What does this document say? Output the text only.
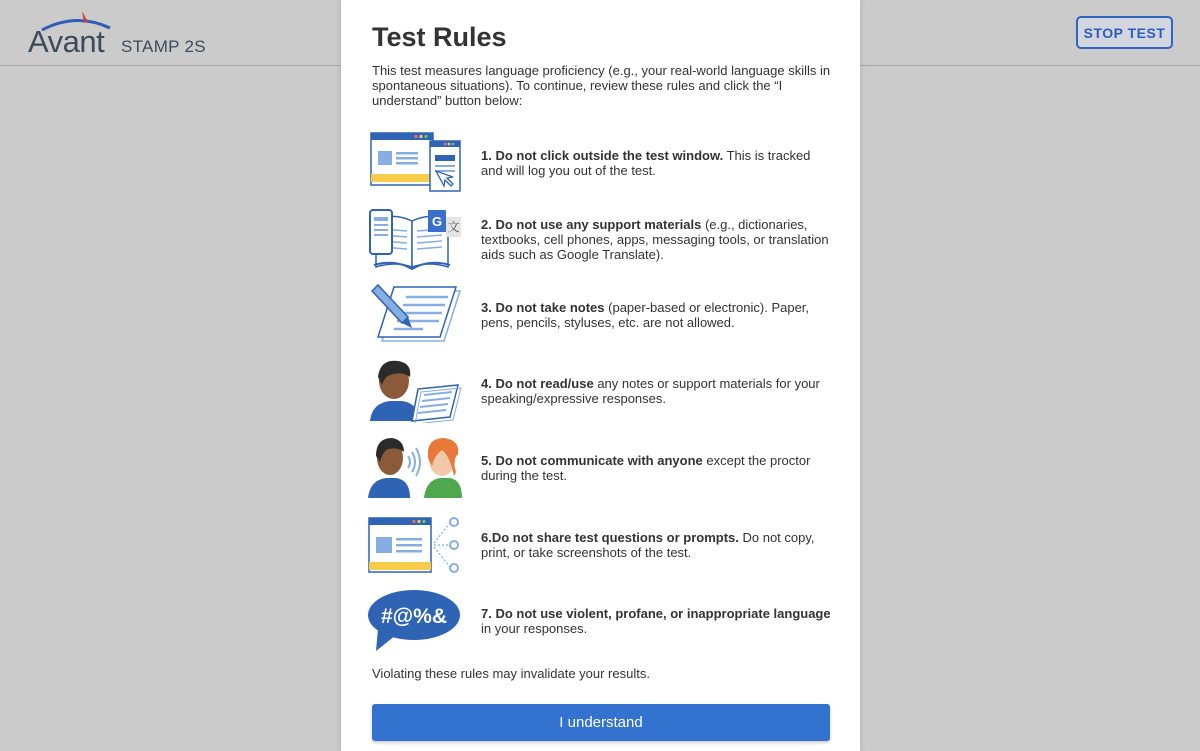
Avant STAMP 2S
STOP TEST
Test Rules
This test measures language proficiency (e.g., your real-world language skills in spontaneous situations). To continue, review these rules and click the “I understand” button below:
1. Do not click outside the test window. This is tracked and will log you out of the test.
G 文 2. Do not use any support materials (e.g., dictionaries, textbooks, cell phones, apps, messaging tools, or translation aids such as Google Translate).
3. Do not take notes (paper-based or electronic). Paper, pens, pencils, styluses, etc. are not allowed.
4. Do not read/use any notes or support materials for your speaking/expressive responses.
5. Do not communicate with anyone except the proctor during the test.
6.Do not share test questions or prompts. Do not copy, print, or take screenshots of the test.
#@%&	7. Do not use violent, profane, or inappropriate language in your responses.
Violating these rules may invalidate your results.
I understand
